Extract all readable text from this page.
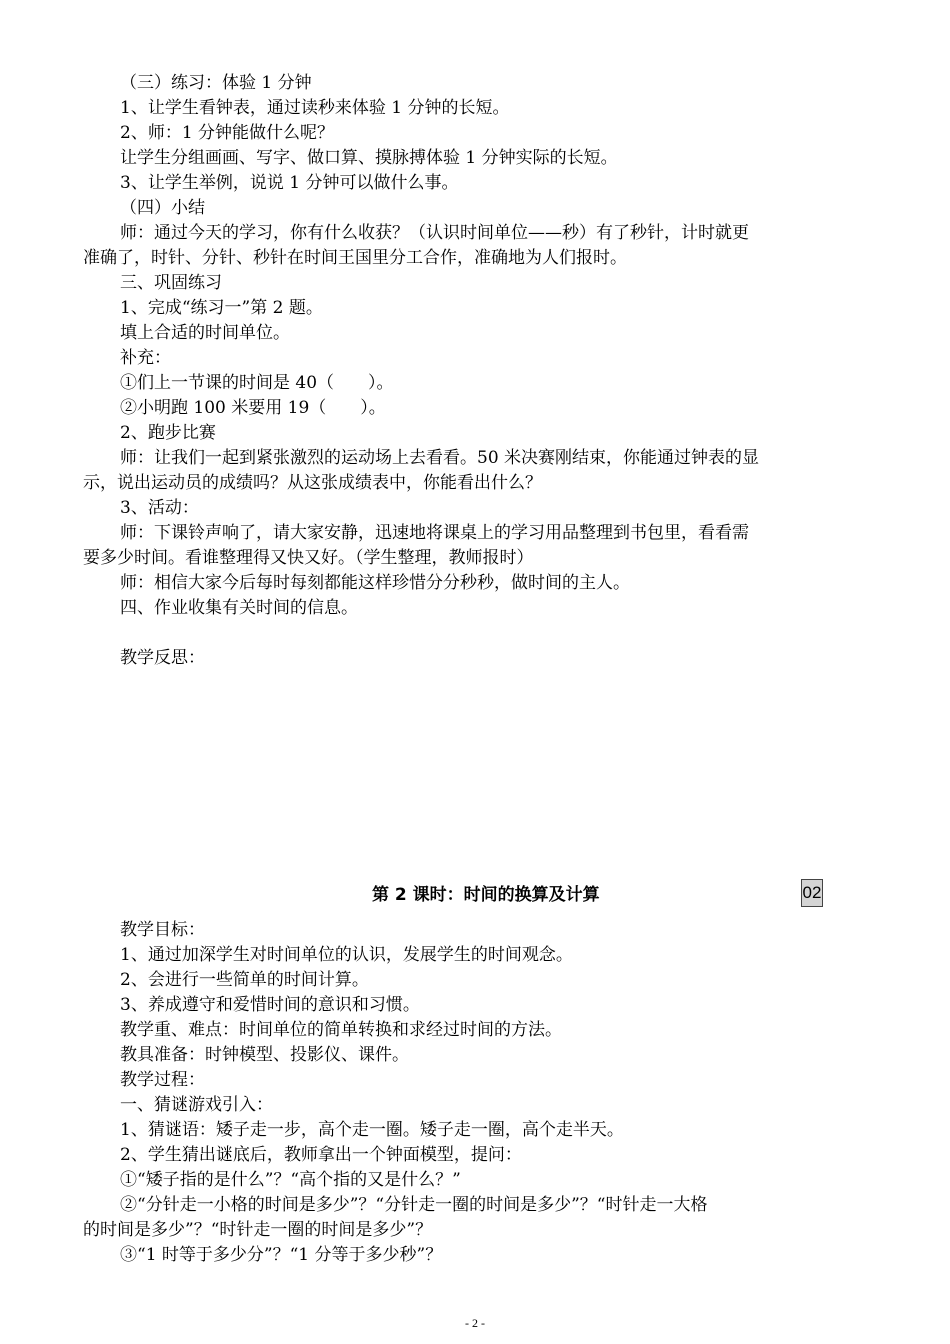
（三）练习：体验 1 分钟
1、让学生看钟表，通过读秒来体验 1 分钟的长短。
2、师：1 分钟能做什么呢？
让学生分组画画、写字、做口算、摸脉搏体验 1 分钟实际的长短。
3、让学生举例，说说 1 分钟可以做什么事。
（四）小结
师：通过今天的学习，你有什么收获？（认识时间单位——秒）有了秒针，计时就更
准确了，时针、分针、秒针在时间王国里分工合作，准确地为人们报时。
三、巩固练习
1、完成“练习一”第 2 题。
填上合适的时间单位。
补充：
①们上一节课的时间是 40（　　）。
②小明跑 100 米要用 19（　　）。
2、跑步比赛
师：让我们一起到紧张激烈的运动场上去看看。50 米决赛刚结束，你能通过钟表的显
示，说出运动员的成绩吗？从这张成绩表中，你能看出什么？
3、活动：
师：下课铃声响了，请大家安静，迅速地将课桌上的学习用品整理到书包里，看看需
要多少时间。看谁整理得又快又好。（学生整理，教师报时）
师：相信大家今后每时每刻都能这样珍惜分分秒秒，做时间的主人。
四、作业收集有关时间的信息。
教学反思：
第 2 课时：时间的换算及计算	02
教学目标：
1、通过加深学生对时间单位的认识，发展学生的时间观念。
2、会进行一些简单的时间计算。
3、养成遵守和爱惜时间的意识和习惯。
教学重、难点：时间单位的简单转换和求经过时间的方法。
教具准备：时钟模型、投影仪、课件。
教学过程：
一、猜谜游戏引入：
1、猜谜语：矮子走一步，高个走一圈。矮子走一圈，高个走半天。
2、学生猜出谜底后，教师拿出一个钟面模型，提问：
①“矮子指的是什么”？“高个指的又是什么？”
②“分针走一小格的时间是多少”？“分针走一圈的时间是多少”？“时针走一大格
的时间是多少”？“时针走一圈的时间是多少”？
③“1 时等于多少分”？“1 分等于多少秒”？
- 2 -
